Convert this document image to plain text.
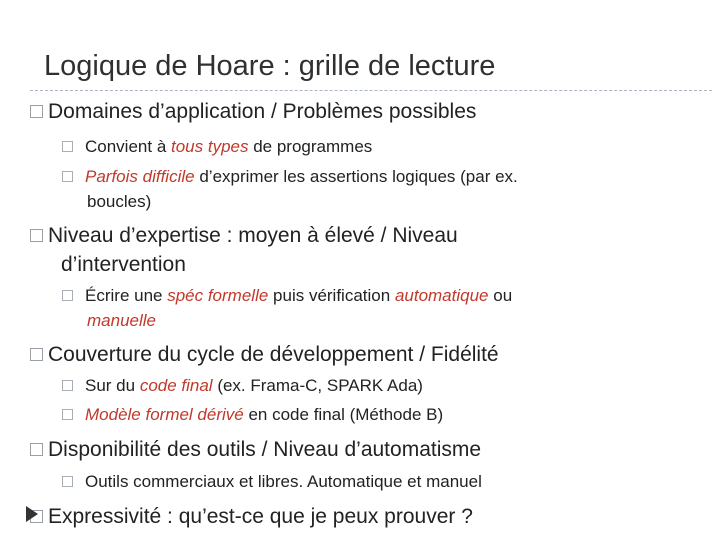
Logique de Hoare : grille de lecture
Domaines d’application / Problèmes possibles
Convient à tous types de programmes
Parfois difficile d’exprimer les assertions logiques (par ex.
boucles)
Niveau d’expertise : moyen à élevé / Niveau
d’intervention
Écrire une spéc formelle puis vérification automatique ou
manuelle
Couverture du cycle de développement / Fidélité
Sur du code final (ex. Frama-C, SPARK Ada)
Modèle formel dérivé en code final (Méthode B)
Disponibilité des outils / Niveau d’automatisme
Outils commerciaux et libres. Automatique et manuel
Expressivité : qu’est-ce que je peux prouver ?
